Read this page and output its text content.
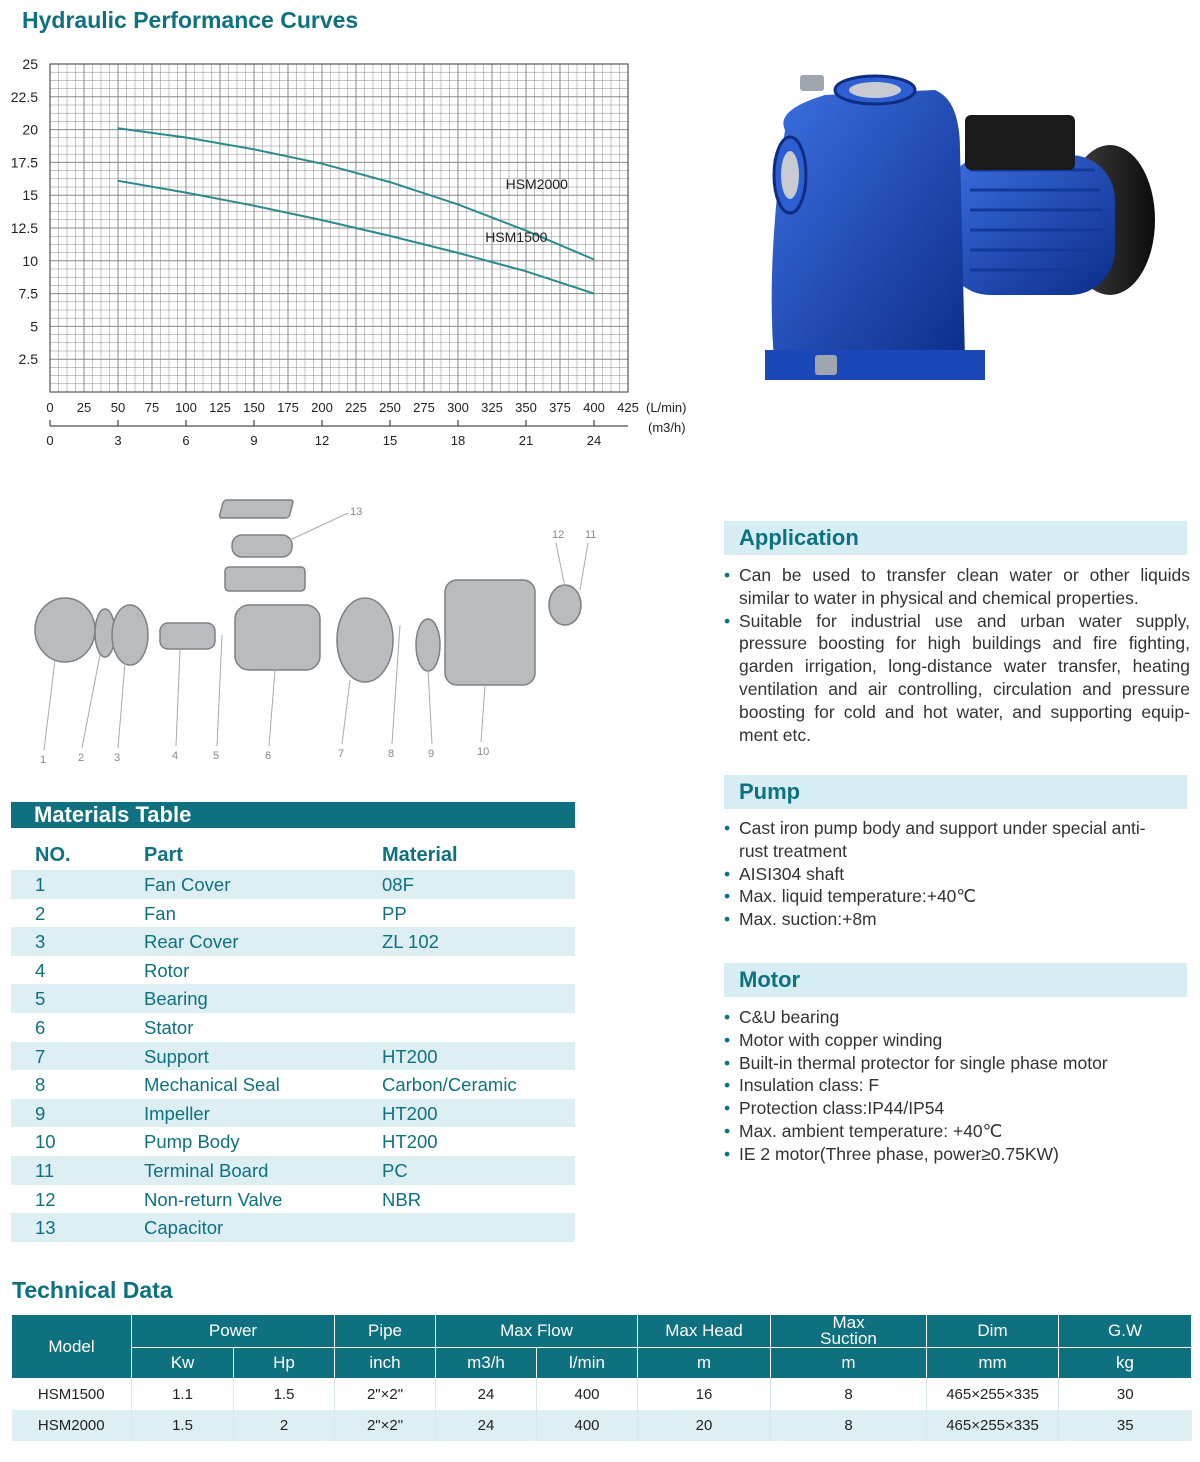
Hydraulic Performance Curves
2.5
5
7.5
10
12.5
15
17.5
20
22.5
25
0 25 50 75 100 125 150 175 200 225 250 275 300 325 350 375 400 425 (L/min)
0	3	6	9	12	15	18	21	24
(m3/h)
HSM2000
HSM1500
1	2	3	4	5	6	7	8	9	10
11
12
13
Application
• Can be used to transfer clean water or other liquids similar to water in physical and chemical properties.
• Suitable for industrial use and urban water supply, pressure boosting for high buildings and fire fighting, garden irrigation, long-distance water transfer, heating ventilation and air controlling, circulation and pressure boosting for cold and hot water, and supporting equip-ment etc.
Pump
• Cast iron pump body and support under special anti-rust treatment
• AISI304 shaft
• Max. liquid temperature:+40℃
• Max. suction:+8m
Motor
• C&U bearing
• Motor with copper winding
• Built-in thermal protector for single phase motor
• Insulation class: F
• Protection class:IP44/IP54
• Max. ambient temperature: +40℃
• IE 2 motor(Three phase, power≥0.75KW)
Materials Table
NO.	Part	Material
1	Fan Cover	08F
2	Fan	PP
3	Rear Cover	ZL 102
4	Rotor
5	Bearing
6	Stator
7	Support	HT200
8	Mechanical Seal	Carbon/Ceramic
9	Impeller	HT200
10	Pump Body	HT200
11	Terminal Board	PC
12	Non-return Valve	NBR
13	Capacitor
Technical Data
Model	Power		Pipe	Max Flow		Max Head	Max Suction	Dim	G.W
	Kw	Hp	inch	m3/h	l/min	m	m	mm	kg
HSM1500	1.1	1.5	2"×2"	24	400	16	8	465×255×335	30
HSM2000	1.5	2	2"×2"	24	400	20	8	465×255×335	35
